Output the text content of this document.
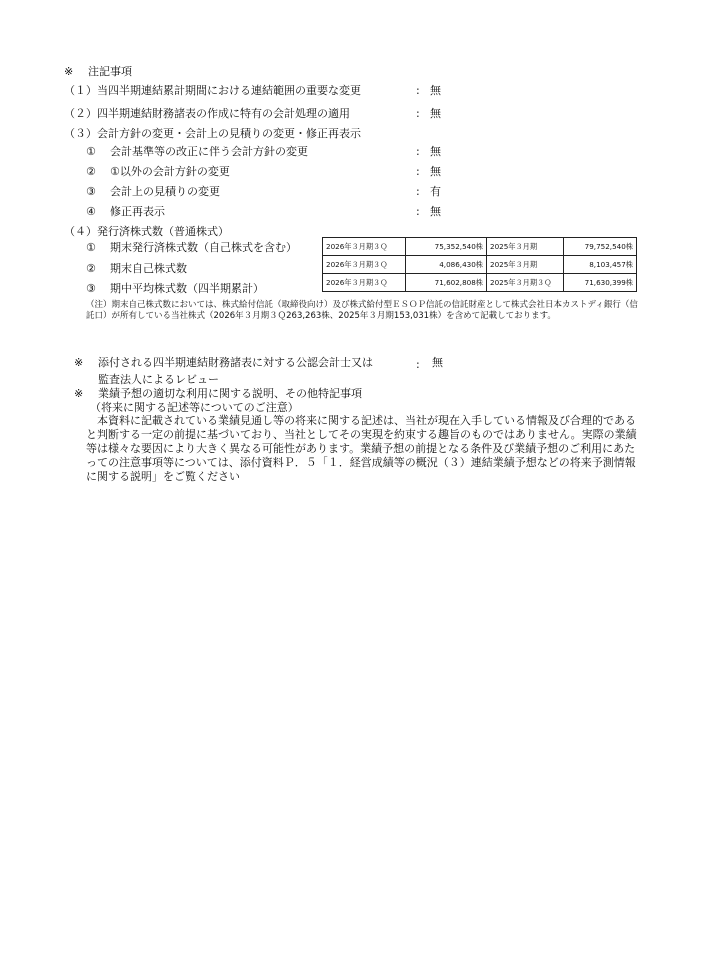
※ 注記事項
（１）当四半期連結累計期間における連結範囲の重要な変更	: 無
（２）四半期連結財務諸表の作成に特有の会計処理の適用	: 無
（３）会計方針の変更・会計上の見積りの変更・修正再表示
① 会計基準等の改正に伴う会計方針の変更	: 無
② ①以外の会計方針の変更	: 無
③ 会計上の見積りの変更	: 有
④ 修正再表示	: 無
（４）発行済株式数（普通株式）
① 期末発行済株式数（自己株式を含む）
② 期末自己株式数
③ 期中平均株式数（四半期累計）
2026年３月期３Ｑ	75,352,540株	2025年３月期	79,752,540株
2026年３月期３Ｑ	4,086,430株	2025年３月期	8,103,457株
2026年３月期３Ｑ	71,602,808株	2025年３月期３Ｑ	71,630,399株
（注）期末自己株式数においては、株式給付信託（取締役向け）及び株式給付型ＥＳＯＰ信託の信託財産として株式会社日本カストディ銀行（信託口）が所有している当社株式（2026年３月期３Ｑ263,263株、2025年３月期153,031株）を含めて記載しております。
※ 添付される四半期連結財務諸表に対する公認会計士又は
監査法人によるレビュー
: 無
※ 業績予想の適切な利用に関する説明、その他特記事項
（将来に関する記述等についてのご注意）
本資料に記載されている業績見通し等の将来に関する記述は、当社が現在入手している情報及び合理的であると判断する一定の前提に基づいており、当社としてその実現を約束する趣旨のものではありません。実際の業績等は様々な要因により大きく異なる可能性があります。業績予想の前提となる条件及び業績予想のご利用にあたっての注意事項等については、添付資料Ｐ．５「１．経営成績等の概況（３）連結業績予想などの将来予測情報に関する説明」をご覧ください
